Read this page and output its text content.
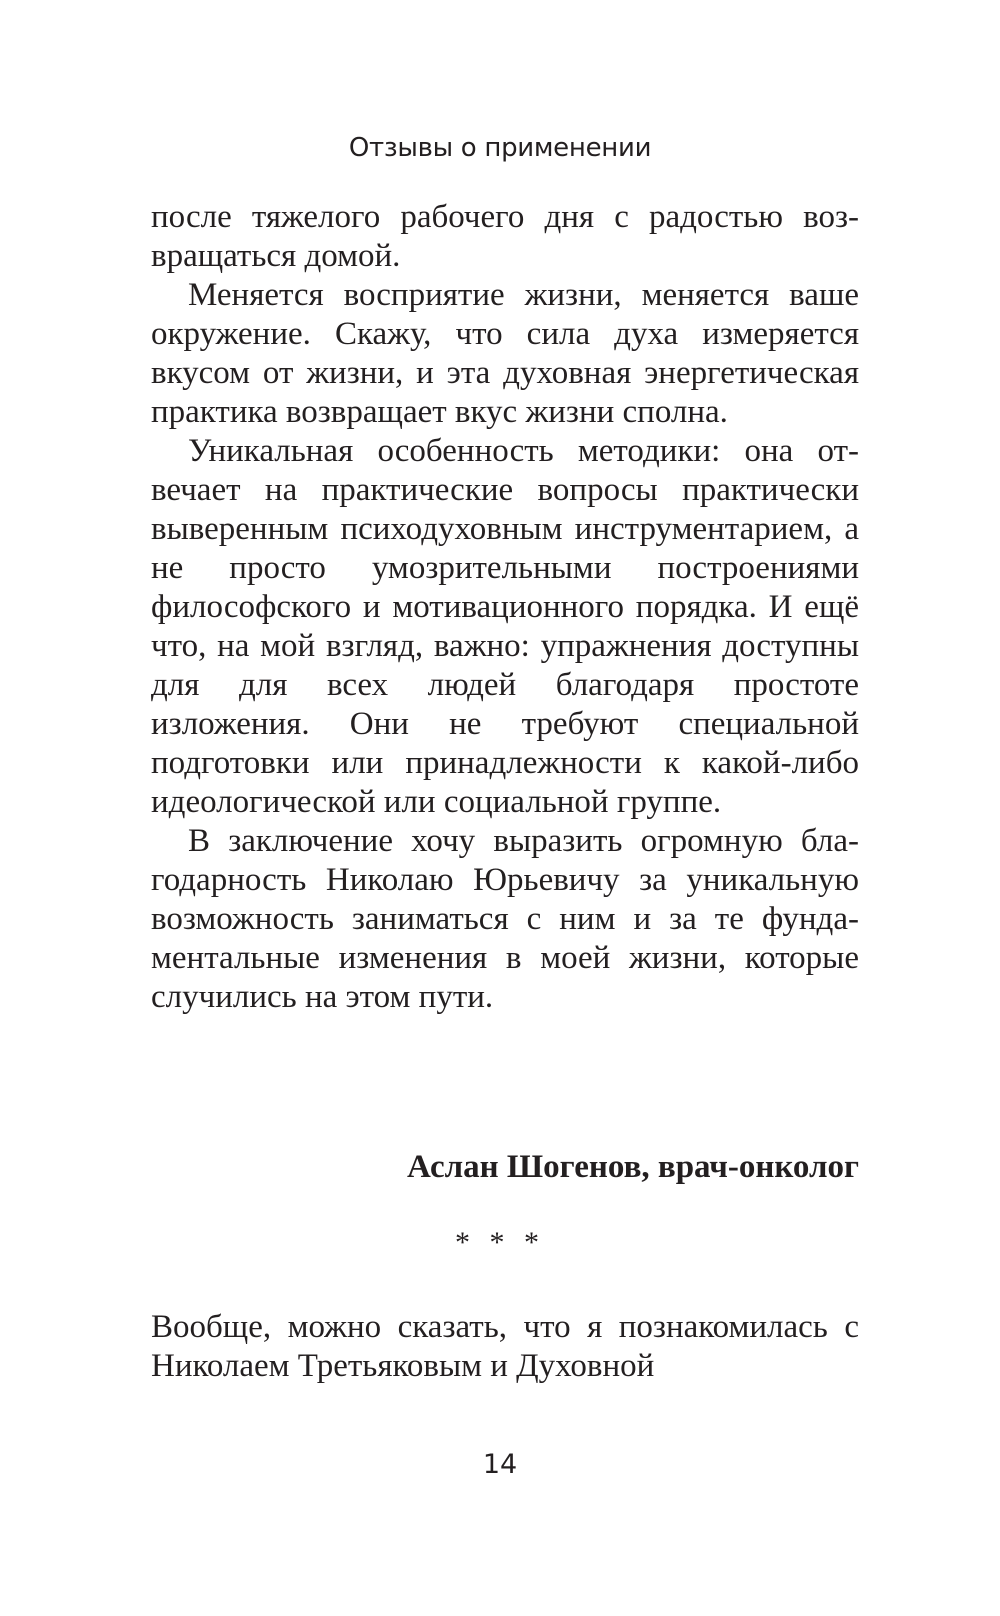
Отзывы о применении

после тяжелого рабочего дня с радостью возвращаться домой.

Меняется восприятие жизни, меняется ваше окружение. Скажу, что сила духа измеряется вкусом от жизни, и эта духовная энергетическая практика возвращает вкус жизни сполна.

Уникальная особенность методики: она отвечает на практические вопросы практически выверенным психодуховным инструментарием, а не просто умозрительными построениями философского и мотивационного порядка. И ещё что, на мой взгляд, важно: упражнения доступны для для всех людей благодаря простоте изложения. Они не требуют специальной подготовки или принадлежности к какой-либо идеологической или социальной группе.

В заключение хочу выразить огромную благодарность Николаю Юрьевичу за уникальную возможность заниматься с ним и за те фундаментальные изменения в моей жизни, которые случились на этом пути.

Аслан Шогенов, врач-онколог
* * *

Вообще, можно сказать, что я познакомилась с Николаем Третьяковым и Духовной

14
